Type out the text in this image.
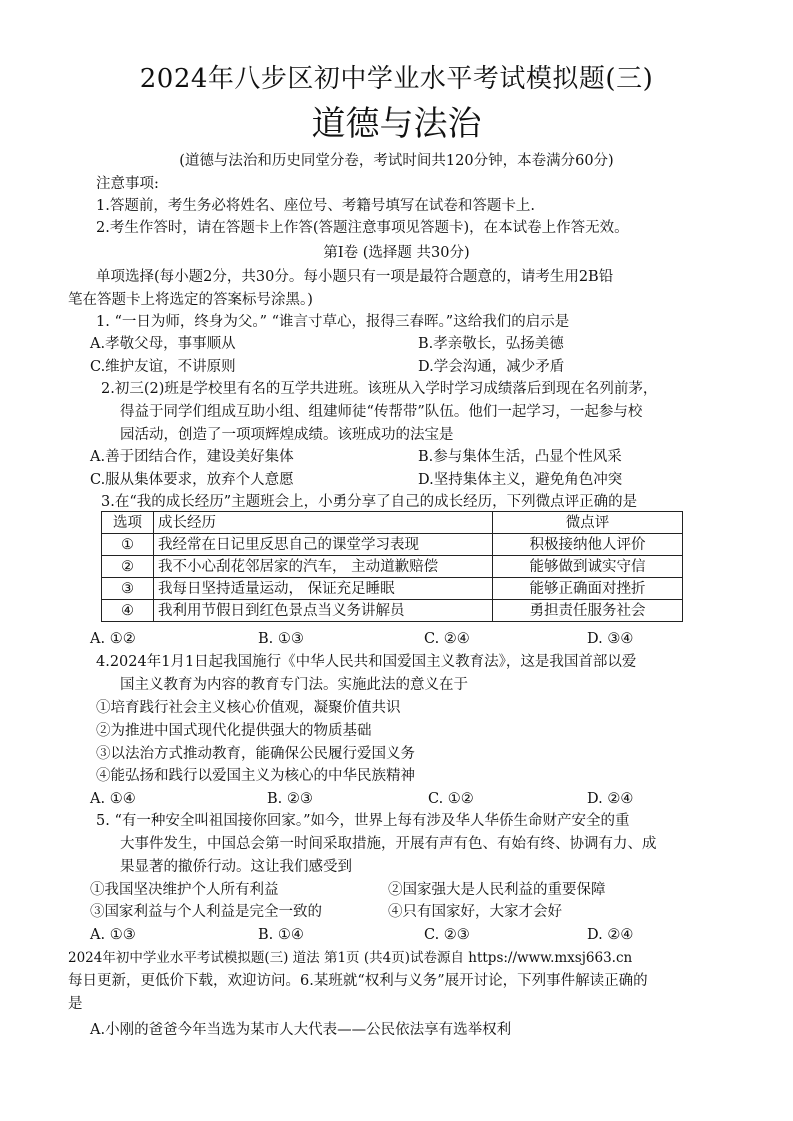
2024年八步区初中学业水平考试模拟题(三)
道德与法治
(道德与法治和历史同堂分卷，考试时间共120分钟，本卷满分60分)
注意事项:
1.答题前，考生务必将姓名、座位号、考籍号填写在试卷和答题卡上.
2.考生作答时，请在答题卡上作答(答题注意事项见答题卡)，在本试卷上作答无效。
第Ⅰ卷 (选择题 共30分)
单项选择(每小题2分，共30分。每小题只有一项是最符合题意的，请考生用2B铅
笔在答题卡上将选定的答案标号涂黑。)
1. “一日为师，终身为父。” “谁言寸草心，报得三春晖。”这给我们的启示是
A.孝敬父母，事事顺从	B.孝亲敬长，弘扬美德
C.维护友谊，不讲原则	D.学会沟通，减少矛盾
2.初三(2)班是学校里有名的互学共进班。该班从入学时学习成绩落后到现在名列前茅，
得益于同学们组成互助小组、组建师徒“传帮带”队伍。他们一起学习，一起参与校
园活动，创造了一项项辉煌成绩。该班成功的法宝是
A.善于团结合作，建设美好集体	B.参与集体生活，凸显个性风采
C.服从集体要求，放弃个人意愿	D.坚持集体主义，避免角色冲突
3.在“我的成长经历”主题班会上，小勇分享了自己的成长经历，下列微点评正确的是
选项	成长经历	微点评
①	我经常在日记里反思自己的课堂学习表现	积极接纳他人评价
②	我不小心刮花邻居家的汽车， 主动道歉赔偿	能够做到诚实守信
③	我每日坚持适量运动， 保证充足睡眠	能够正确面对挫折
④	我利用节假日到红色景点当义务讲解员	勇担责任服务社会
A. ①②	B. ①③	C. ②④	D. ③④
4.2024年1月1日起我国施行《中华人民共和国爱国主义教育法》，这是我国首部以爱
国主义教育为内容的教育专门法。实施此法的意义在于
①培育践行社会主义核心价值观，凝聚价值共识
②为推进中国式现代化提供强大的物质基础
③以法治方式推动教育，能确保公民履行爱国义务
④能弘扬和践行以爱国主义为核心的中华民族精神
A. ①④	B. ②③	C. ①②	D. ②④
5. “有一种安全叫祖国接你回家。”如今，世界上每有涉及华人华侨生命财产安全的重
大事件发生，中国总会第一时间采取措施，开展有声有色、有始有终、协调有力、成
果显著的撤侨行动。这让我们感受到
①我国坚决维护个人所有利益	②国家强大是人民利益的重要保障
③国家利益与个人利益是完全一致的	④只有国家好，大家才会好
A. ①③	B. ①④	C. ②③	D. ②④
2024年初中学业水平考试模拟题(三) 道法 第1页 (共4页)试卷源自 https://www.mxsj663.cn
每日更新，更低价下载，欢迎访问。6.某班就“权利与义务”展开讨论，下列事件解读正确的
是
A.小刚的爸爸今年当选为某市人大代表——公民依法享有选举权利
